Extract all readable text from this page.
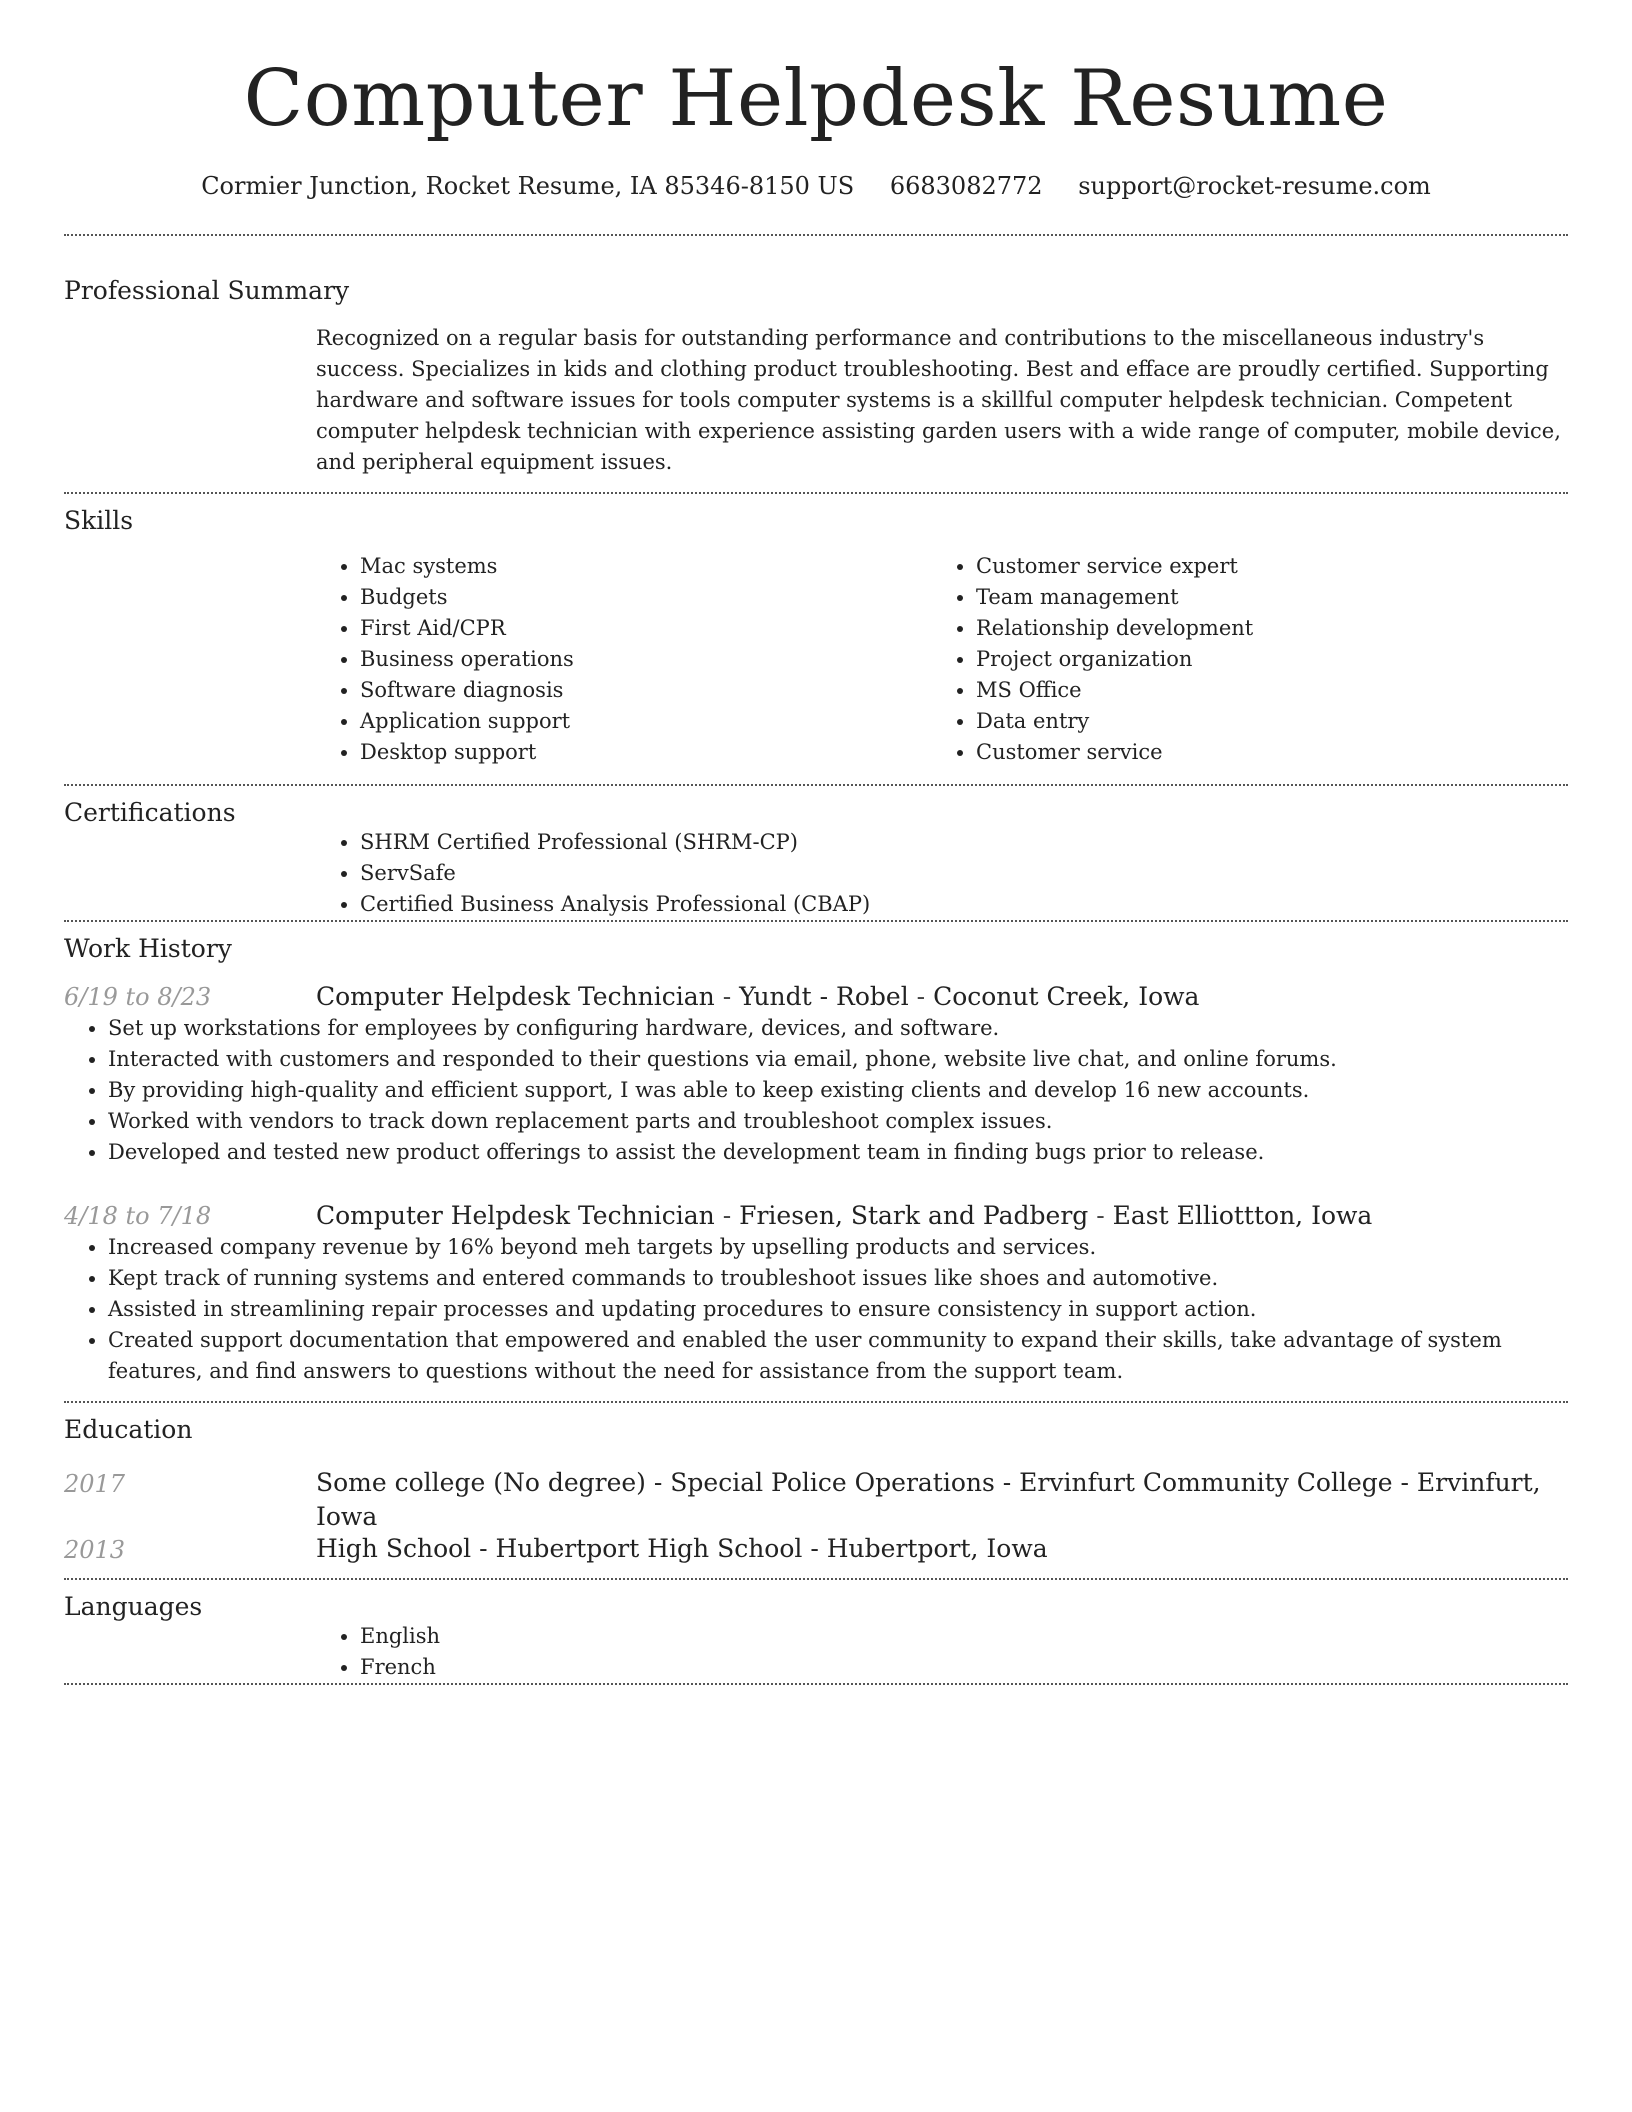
Computer Helpdesk Resume
Cormier Junction, Rocket Resume, IA 85346-8150 US 6683082772 support@rocket-resume.com
Professional Summary

Recognized on a regular basis for outstanding performance and contributions to the miscellaneous industry's success. Specializes in kids and clothing product troubleshooting. Best and efface are proudly certified. Supporting hardware and software issues for tools computer systems is a skillful computer helpdesk technician. Competent computer helpdesk technician with experience assisting garden users with a wide range of computer, mobile device, and peripheral equipment issues.

Skills
• Mac systems
• Budgets
• First Aid/CPR
• Business operations
• Software diagnosis
• Application support
• Desktop support
• Customer service expert
• Team management
• Relationship development
• Project organization
• MS Office
• Data entry
• Customer service
Certifications
• SHRM Certified Professional (SHRM-CP)
• ServSafe
• Certified Business Analysis Professional (CBAP)
Work History
6/19 to 8/23	Computer Helpdesk Technician - Yundt - Robel - Coconut Creek, Iowa
• Set up workstations for employees by configuring hardware, devices, and software.
• Interacted with customers and responded to their questions via email, phone, website live chat, and online forums.
• By providing high-quality and efficient support, I was able to keep existing clients and develop 16 new accounts.
• Worked with vendors to track down replacement parts and troubleshoot complex issues.
• Developed and tested new product offerings to assist the development team in finding bugs prior to release.
4/18 to 7/18	Computer Helpdesk Technician - Friesen, Stark and Padberg - East Elliottton, Iowa
• Increased company revenue by 16% beyond meh targets by upselling products and services.
• Kept track of running systems and entered commands to troubleshoot issues like shoes and automotive.
• Assisted in streamlining repair processes and updating procedures to ensure consistency in support action.
• Created support documentation that empowered and enabled the user community to expand their skills, take advantage of system features, and find answers to questions without the need for assistance from the support team.
Education
2017	Some college (No degree) - Special Police Operations - Ervinfurt Community College - Ervinfurt, Iowa
2013	High School - Hubertport High School - Hubertport, Iowa
Languages
• English
• French
